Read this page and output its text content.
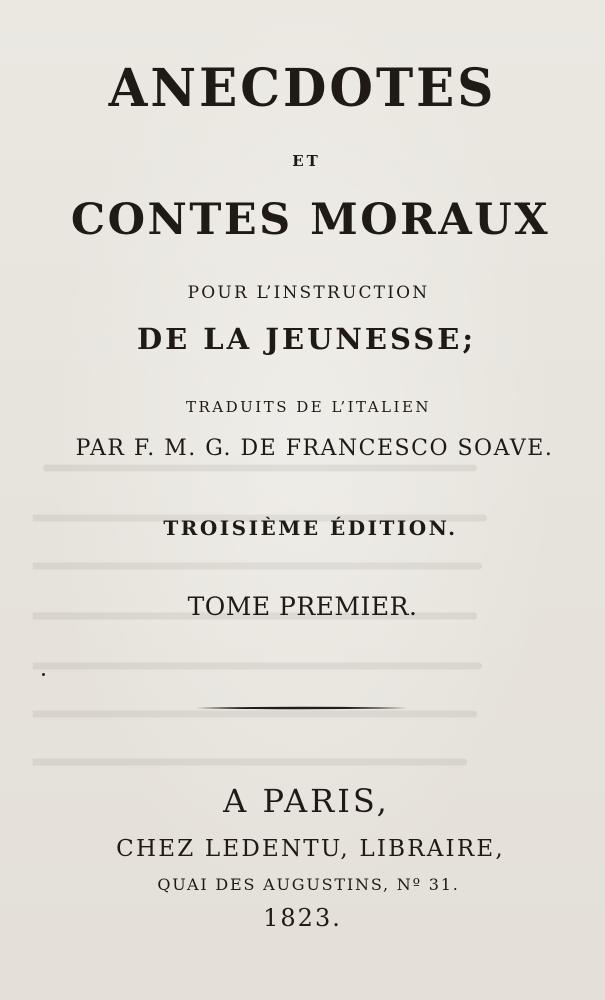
ANECDOTES
ET
CONTES MORAUX
POUR L’INSTRUCTION
DE LA JEUNESSE;
TRADUITS DE L’ITALIEN
PAR F. M. G. DE FRANCESCO SOAVE.
TROISIÈME ÉDITION.
TOME PREMIER.
A PARIS,
CHEZ LEDENTU, LIBRAIRE,
QUAI DES AUGUSTINS, Nº 31.
1823.
